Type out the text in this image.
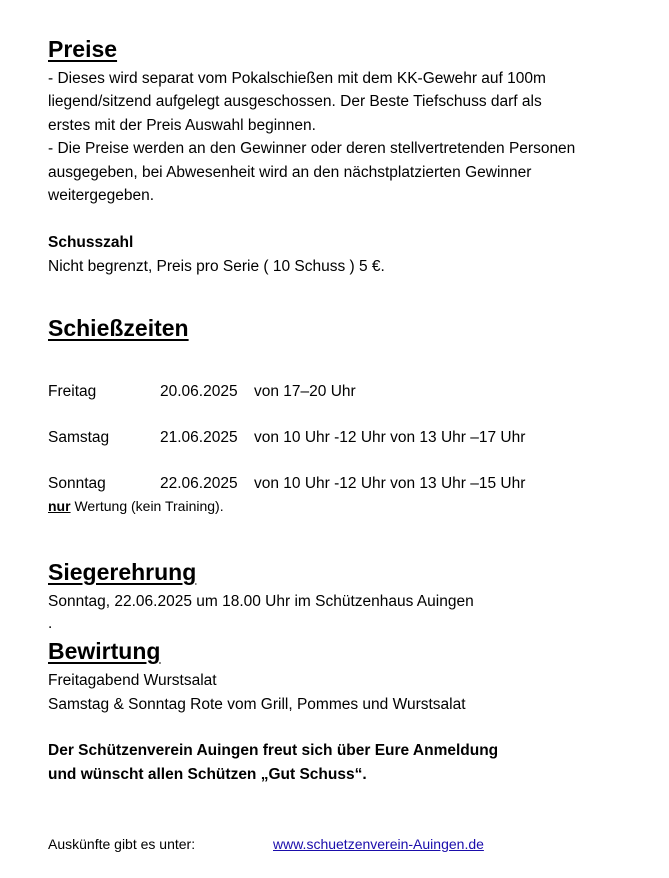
Preise
- Dieses wird separat vom Pokalschießen mit dem KK-Gewehr auf 100m
liegend/sitzend aufgelegt ausgeschossen. Der Beste Tiefschuss darf als
erstes mit der Preis Auswahl beginnen.
- Die Preise werden an den Gewinner oder deren stellvertretenden Personen
ausgegeben, bei Abwesenheit wird an den nächstplatzierten Gewinner
weitergegeben.
Schusszahl
Nicht begrenzt, Preis pro Serie ( 10 Schuss ) 5 €.
Schießzeiten
Freitag	20.06.2025 von 17–20 Uhr
Samstag	21.06.2025 von 10 Uhr -12 Uhr von 13 Uhr –17 Uhr
Sonntag	22.06.2025 von 10 Uhr -12 Uhr von 13 Uhr –15 Uhr
nur Wertung (kein Training).
Siegerehrung
Sonntag, 22.06.2025 um 18.00 Uhr im Schützenhaus Auingen
.
Bewirtung
Freitagabend Wurstsalat
Samstag & Sonntag Rote vom Grill, Pommes und Wurstsalat
Der Schützenverein Auingen freut sich über Eure Anmeldung
und wünscht allen Schützen „Gut Schuss“.
Auskünfte gibt es unter:	www.schuetzenverein-Auingen.de
